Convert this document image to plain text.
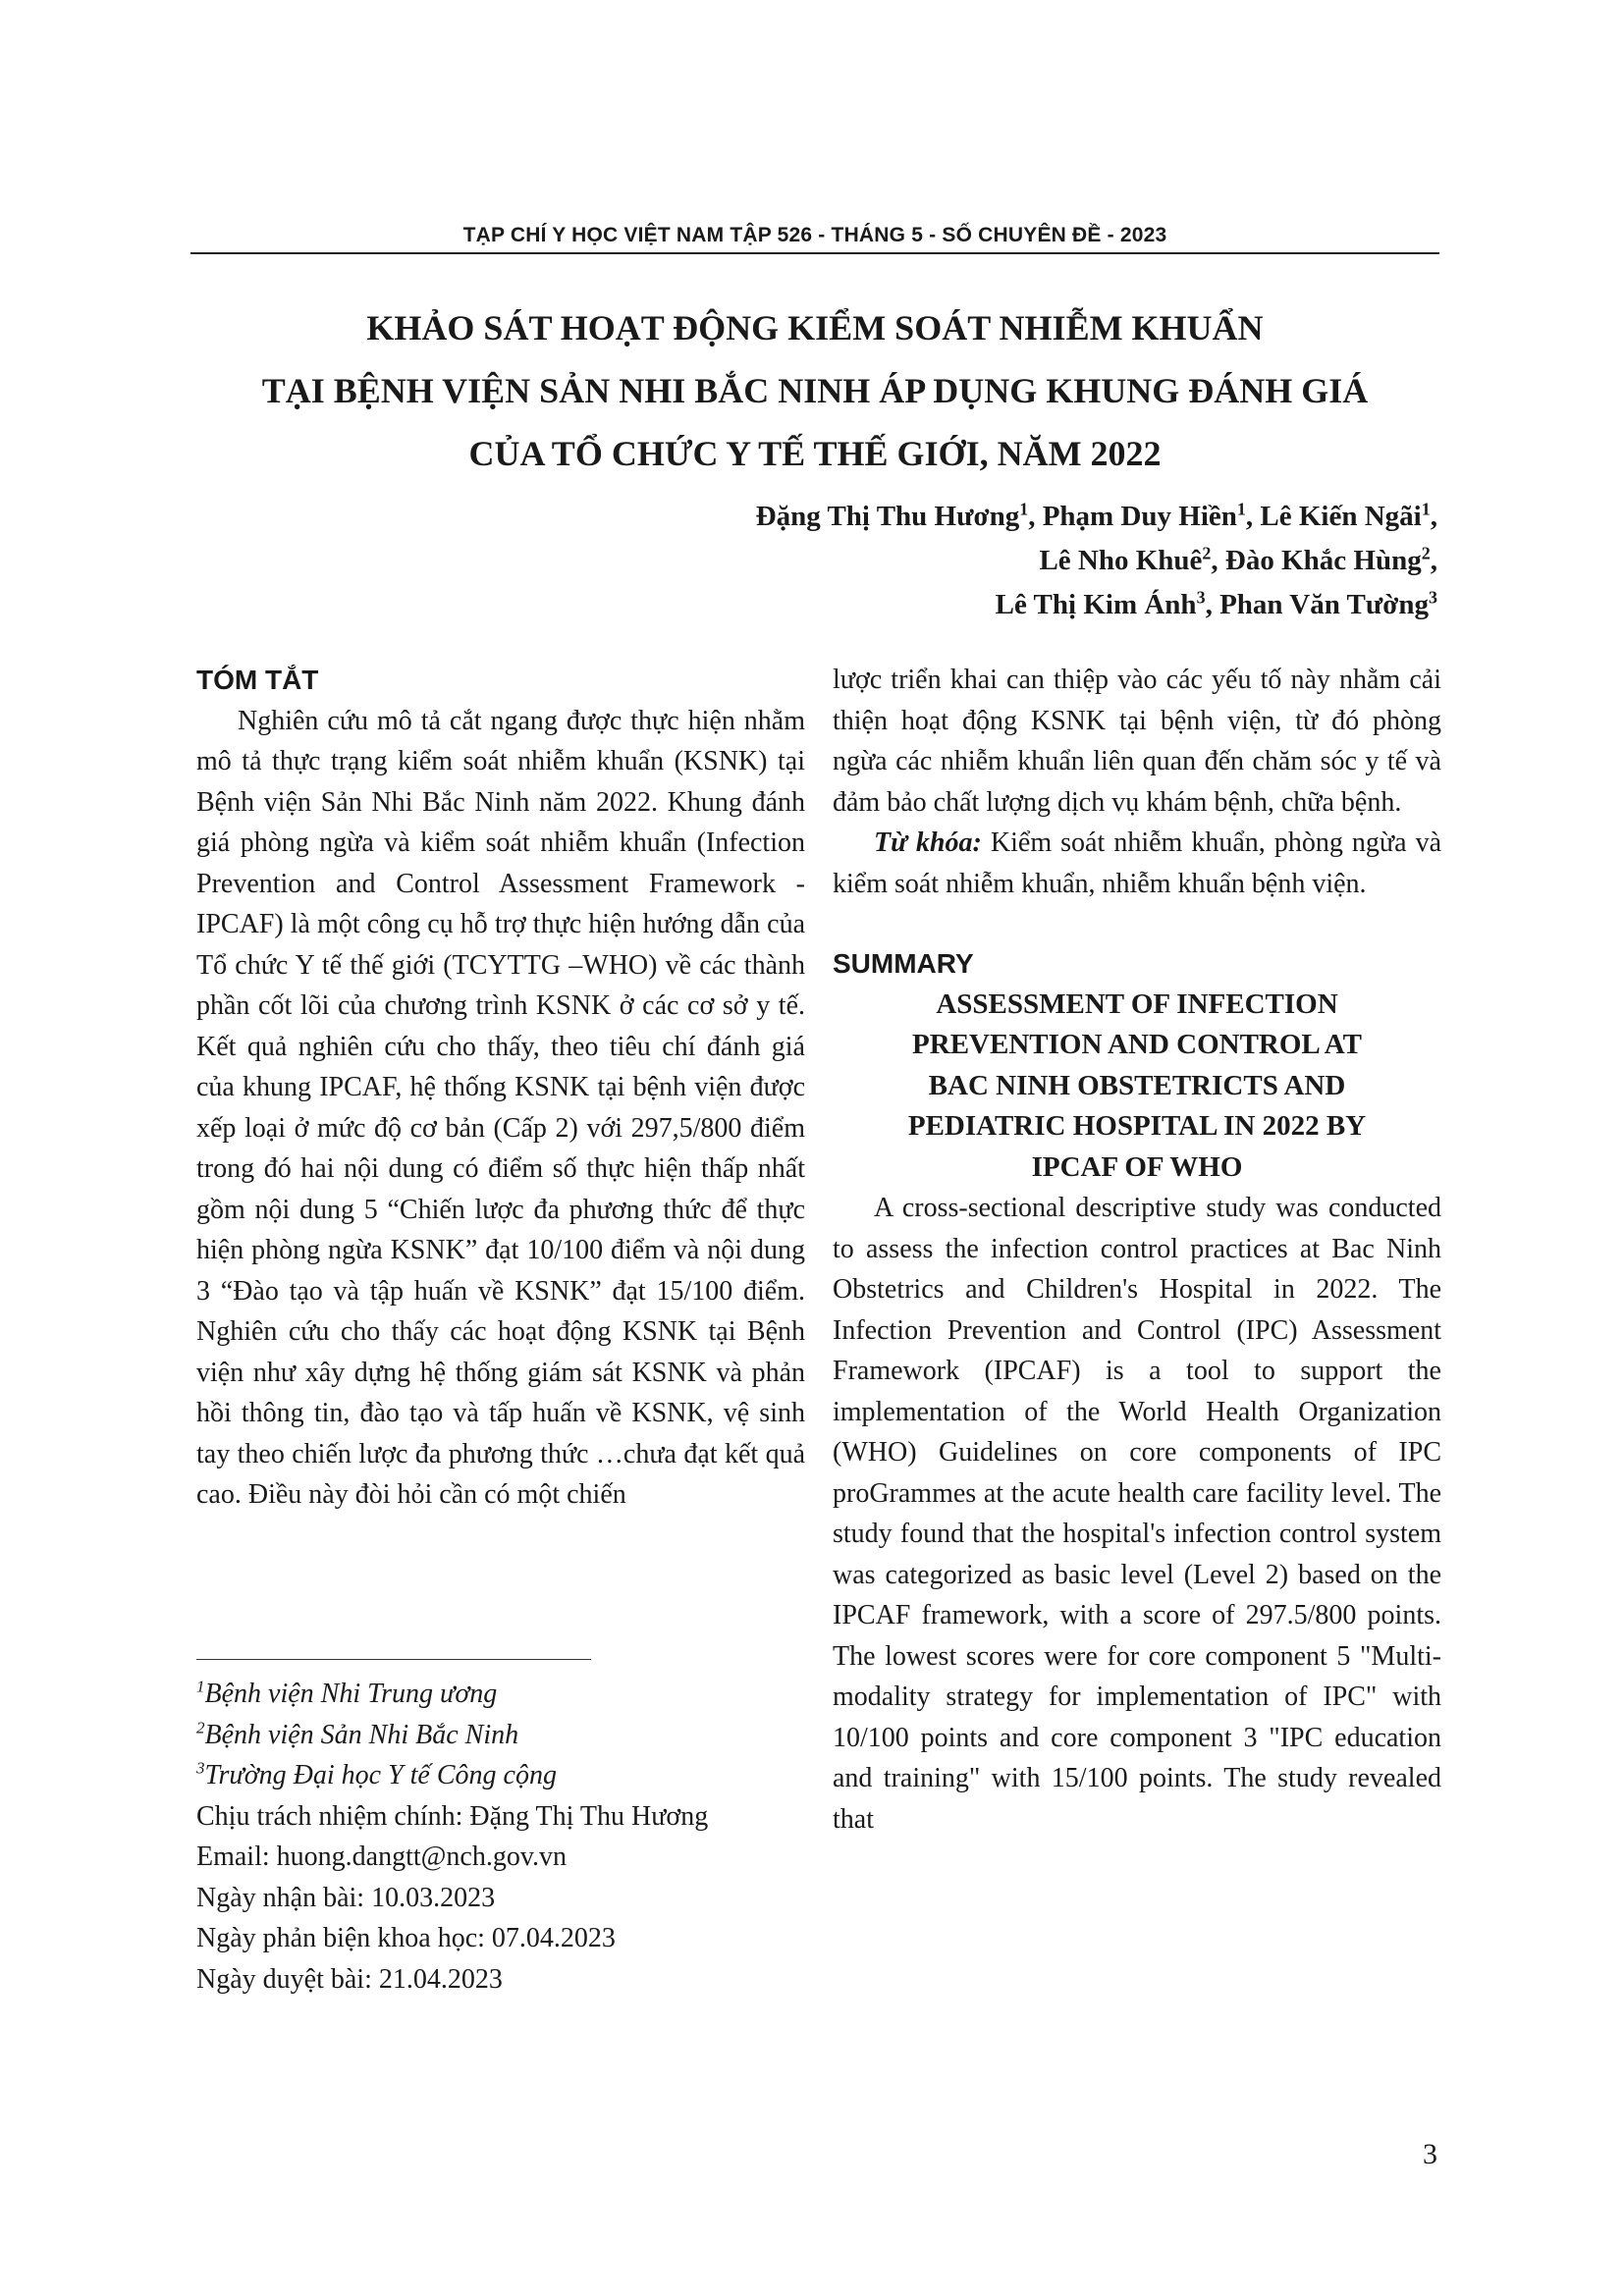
TẠP CHÍ Y HỌC VIỆT NAM TẬP 526 - THÁNG 5 - SỐ CHUYÊN ĐỀ - 2023
KHẢO SÁT HOẠT ĐỘNG KIỂM SOÁT NHIỄM KHUẨN
TẠI BỆNH VIỆN SẢN NHI BẮC NINH ÁP DỤNG KHUNG ĐÁNH GIÁ
CỦA TỔ CHỨC Y TẾ THẾ GIỚI, NĂM 2022
Đặng Thị Thu Hương$^1$, Phạm Duy Hiền$^1$, Lê Kiến Ngãi$^1$,
Lê Nho Khuê$^2$, Đào Khắc Hùng$^2$,
Lê Thị Kim Ánh$^3$, Phan Văn Tường$^3$
TÓM TẮT

Nghiên cứu mô tả cắt ngang được thực hiện nhằm mô tả thực trạng kiểm soát nhiễm khuẩn (KSNK) tại Bệnh viện Sản Nhi Bắc Ninh năm 2022. Khung đánh giá phòng ngừa và kiểm soát nhiễm khuẩn (Infection Prevention and Control Assessment Framework -IPCAF) là một công cụ hỗ trợ thực hiện hướng dẫn của Tổ chức Y tế thế giới (TCYTTG –WHO) về các thành phần cốt lõi của chương trình KSNK ở các cơ sở y tế. Kết quả nghiên cứu cho thấy, theo tiêu chí đánh giá của khung IPCAF, hệ thống KSNK tại bệnh viện được xếp loại ở mức độ cơ bản (Cấp 2) với 297,5/800 điểm trong đó hai nội dung có điểm số thực hiện thấp nhất gồm nội dung 5 “Chiến lược đa phương thức để thực hiện phòng ngừa KSNK” đạt 10/100 điểm và nội dung 3 “Đào tạo và tập huấn về KSNK” đạt 15/100 điểm. Nghiên cứu cho thấy các hoạt động KSNK tại Bệnh viện như xây dựng hệ thống giám sát KSNK và phản hồi thông tin, đào tạo và tấp huấn về KSNK, vệ sinh tay theo chiến lược đa phương thức …chưa đạt kết quả cao. Điều này đòi hỏi cần có một chiến

lược triển khai can thiệp vào các yếu tố này nhằm cải thiện hoạt động KSNK tại bệnh viện, từ đó phòng ngừa các nhiễm khuẩn liên quan đến chăm sóc y tế và đảm bảo chất lượng dịch vụ khám bệnh, chữa bệnh.

Từ khóa: Kiểm soát nhiễm khuẩn, phòng ngừa và kiểm soát nhiễm khuẩn, nhiễm khuẩn bệnh viện.

SUMMARY

ASSESSMENT OF INFECTION

PREVENTION AND CONTROL AT

BAC NINH OBSTETRICTS AND

PEDIATRIC HOSPITAL IN 2022 BY

IPCAF OF WHO

A cross-sectional descriptive study was conducted to assess the infection control practices at Bac Ninh Obstetrics and Children's Hospital in 2022. The Infection Prevention and Control (IPC) Assessment Framework (IPCAF) is a tool to support the implementation of the World Health Organization (WHO) Guidelines on core components of IPC proGrammes at the acute health care facility level. The study found that the hospital's infection control system was categorized as basic level (Level 2) based on the IPCAF framework, with a score of 297.5/800 points. The lowest scores were for core component 5 "Multi-modality strategy for implementation of IPC" with 10/100 points and core component 3 "IPC education and training" with 15/100 points. The study revealed that

$^1$Bệnh viện Nhi Trung ương
$^2$Bệnh viện Sản Nhi Bắc Ninh
$^3$Trường Đại học Y tế Công cộng
Chịu trách nhiệm chính: Đặng Thị Thu Hương
Email: huong.dangtt@nch.gov.vn
Ngày nhận bài: 10.03.2023
Ngày phản biện khoa học: 07.04.2023
Ngày duyệt bài: 21.04.2023
3
